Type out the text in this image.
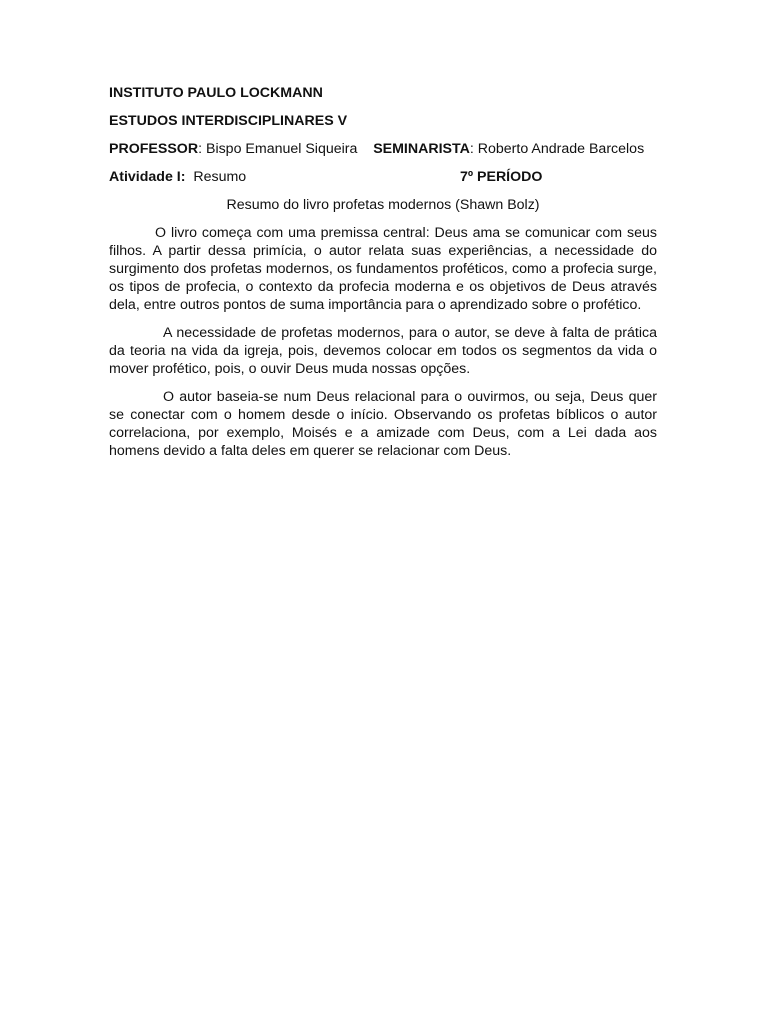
INSTITUTO PAULO LOCKMANN
ESTUDOS INTERDISCIPLINARES V
PROFESSOR: Bispo Emanuel Siqueira SEMINARISTA: Roberto Andrade Barcelos
Atividade I: Resumo	7º PERÍODO
Resumo do livro profetas modernos (Shawn Bolz)

O livro começa com uma premissa central: Deus ama se comunicar com seus filhos. A partir dessa primícia, o autor relata suas experiências, a necessidade do surgimento dos profetas modernos, os fundamentos proféticos, como a profecia surge, os tipos de profecia, o contexto da profecia moderna e os objetivos de Deus através dela, entre outros pontos de suma importância para o aprendizado sobre o profético.

A necessidade de profetas modernos, para o autor, se deve à falta de prática da teoria na vida da igreja, pois, devemos colocar em todos os segmentos da vida o mover profético, pois, o ouvir Deus muda nossas opções.

O autor baseia-se num Deus relacional para o ouvirmos, ou seja, Deus quer se conectar com o homem desde o início. Observando os profetas bíblicos o autor correlaciona, por exemplo, Moisés e a amizade com Deus, com a Lei dada aos homens devido a falta deles em querer se relacionar com Deus.
